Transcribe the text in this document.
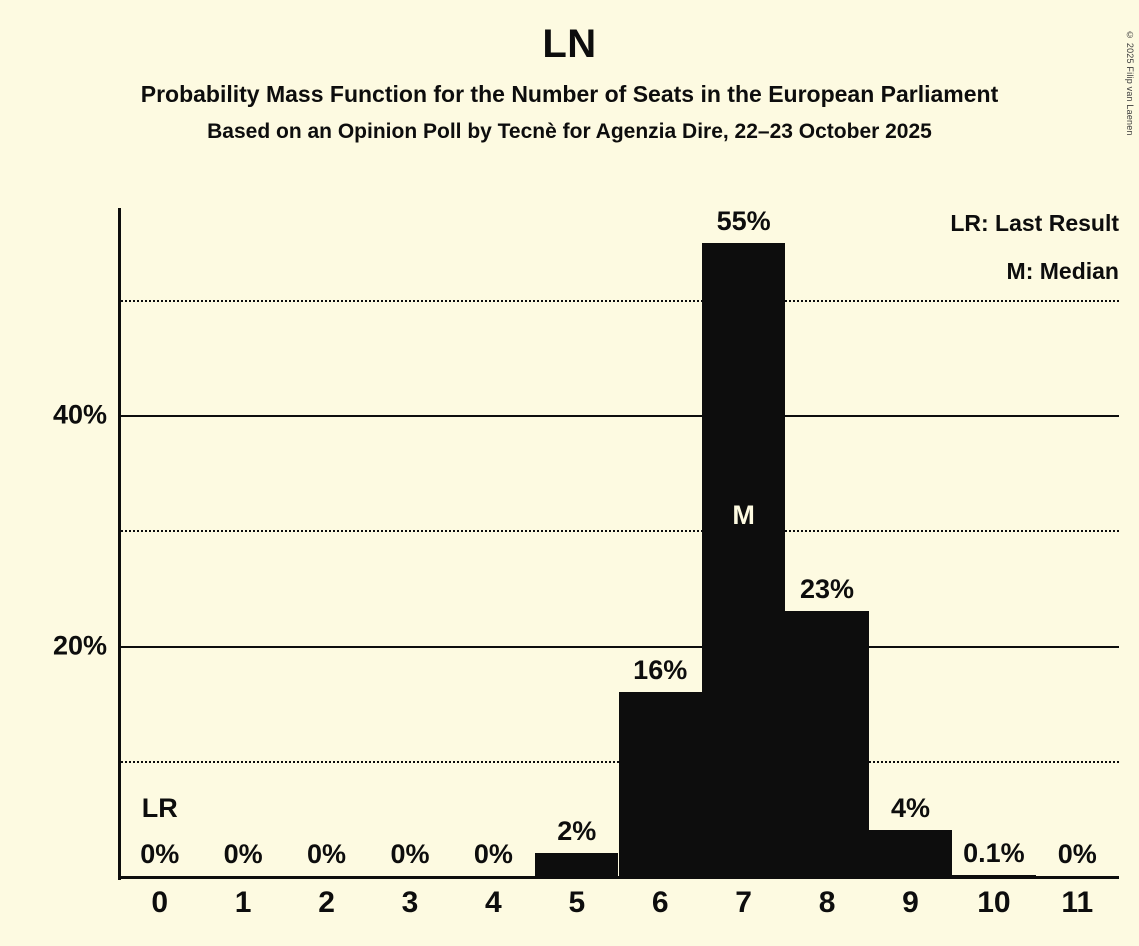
© 2025 Filip van Laenen
LN
Probability Mass Function for the Number of Seats in the European Parliament
Based on an Opinion Poll by Tecnè for Agenzia Dire, 22–23 October 2025
LR: Last Result
M: Median
0%
LR
0%	0%	0%	0%
2%
16%
55%
M
23%
4%
0.1%	0%
20%
40%
0 1 2 3 4 5 6 7 8 9 10 11
